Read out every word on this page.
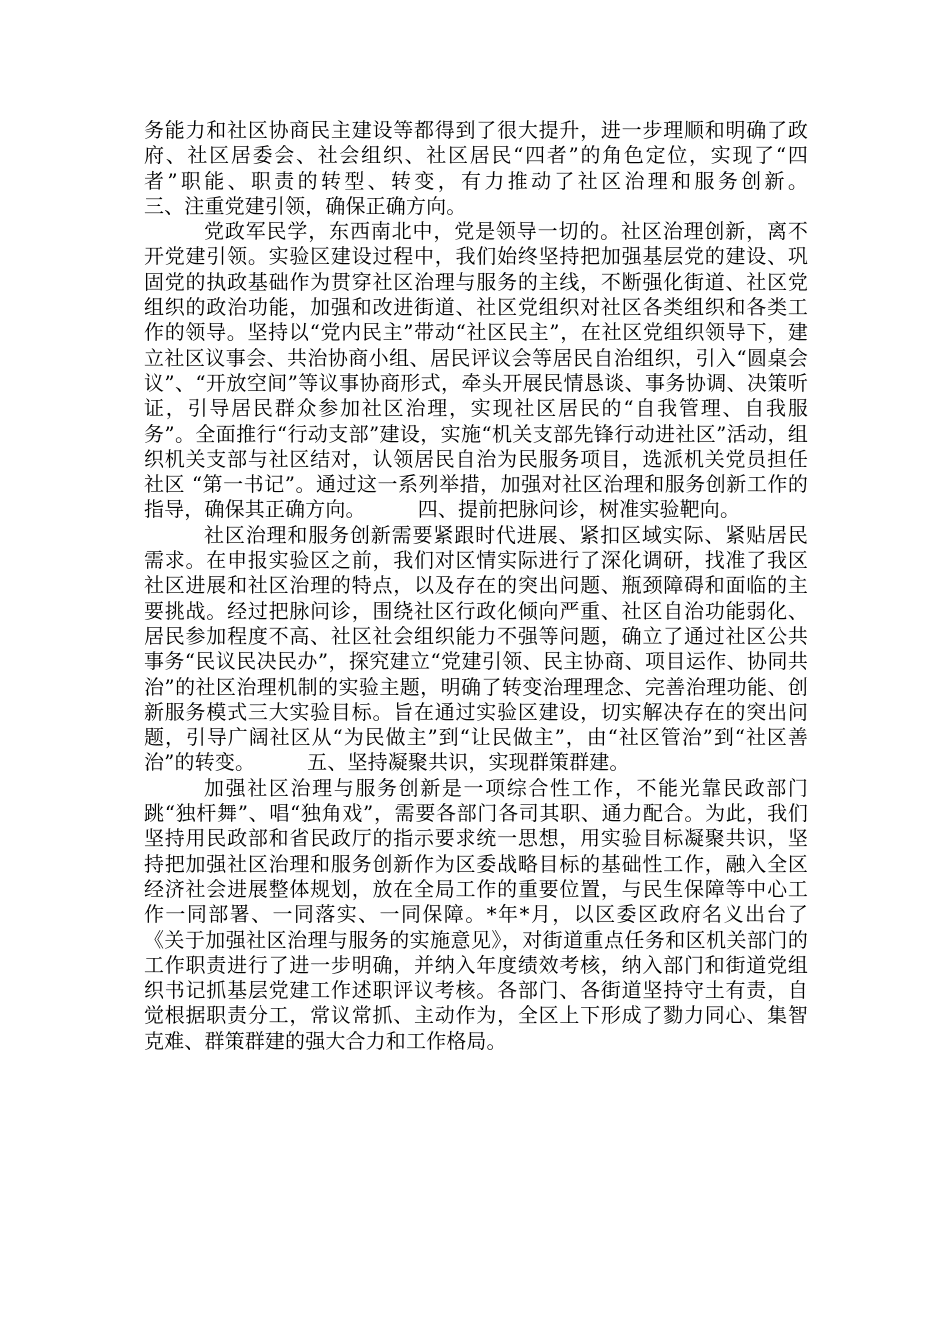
务能力和社区协商民主建设等都得到了很大提升，进一步理顺和明确了政府、社区居委会、社会组织、社区居民“四者”的角色定位，实现了“四者”职能、职责的转型、转变，有力推动了社区治理和服务创新。        三、注重党建引领，确保正确方向。

党政军民学，东西南北中，党是领导一切的。社区治理创新，离不开党建引领。实验区建设过程中，我们始终坚持把加强基层党的建设、巩固党的执政基础作为贯穿社区治理与服务的主线，不断强化街道、社区党组织的政治功能，加强和改进街道、社区党组织对社区各类组织和各类工作的领导。坚持以“党内民主”带动“社区民主”，在社区党组织领导下，建立社区议事会、共治协商小组、居民评议会等居民自治组织，引入“圆桌会议”、“开放空间”等议事协商形式，牵头开展民情恳谈、事务协调、决策听证，引导居民群众参加社区治理，实现社区居民的“自我管理、自我服务”。全面推行“行动支部”建设，实施“机关支部先锋行动进社区”活动，组织机关支部与社区结对，认领居民自治为民服务项目，选派机关党员担任社区 “第一书记”。通过这一系列举措，加强对社区治理和服务创新工作的指导，确保其正确方向。        四、提前把脉问诊，树准实验靶向。

社区治理和服务创新需要紧跟时代进展、紧扣区域实际、紧贴居民需求。在申报实验区之前，我们对区情实际进行了深化调研，找准了我区社区进展和社区治理的特点，以及存在的突出问题、瓶颈障碍和面临的主要挑战。经过把脉问诊，围绕社区行政化倾向严重、社区自治功能弱化、居民参加程度不高、社区社会组织能力不强等问题，确立了通过社区公共事务“民议民决民办”，探究建立“党建引领、民主协商、项目运作、协同共治”的社区治理机制的实验主题，明确了转变治理理念、完善治理功能、创新服务模式三大实验目标。旨在通过实验区建设，切实解决存在的突出问题，引导广阔社区从“为民做主”到“让民做主”，由“社区管治”到“社区善治”的转变。        五、坚持凝聚共识，实现群策群建。

加强社区治理与服务创新是一项综合性工作，不能光靠民政部门跳“独杆舞”、唱“独角戏”，需要各部门各司其职、通力配合。为此，我们坚持用民政部和省民政厅的指示要求统一思想，用实验目标凝聚共识，坚持把加强社区治理和服务创新作为区委战略目标的基础性工作，融入全区经济社会进展整体规划，放在全局工作的重要位置，与民生保障等中心工作一同部署、一同落实、一同保障。*年*月，以区委区政府名义出台了《关于加强社区治理与服务的实施意见》，对街道重点任务和区机关部门的工作职责进行了进一步明确，并纳入年度绩效考核，纳入部门和街道党组织书记抓基层党建工作述职评议考核。各部门、各街道坚持守土有责，自觉根据职责分工，常议常抓、主动作为，全区上下形成了勠力同心、集智克难、群策群建的强大合力和工作格局。
